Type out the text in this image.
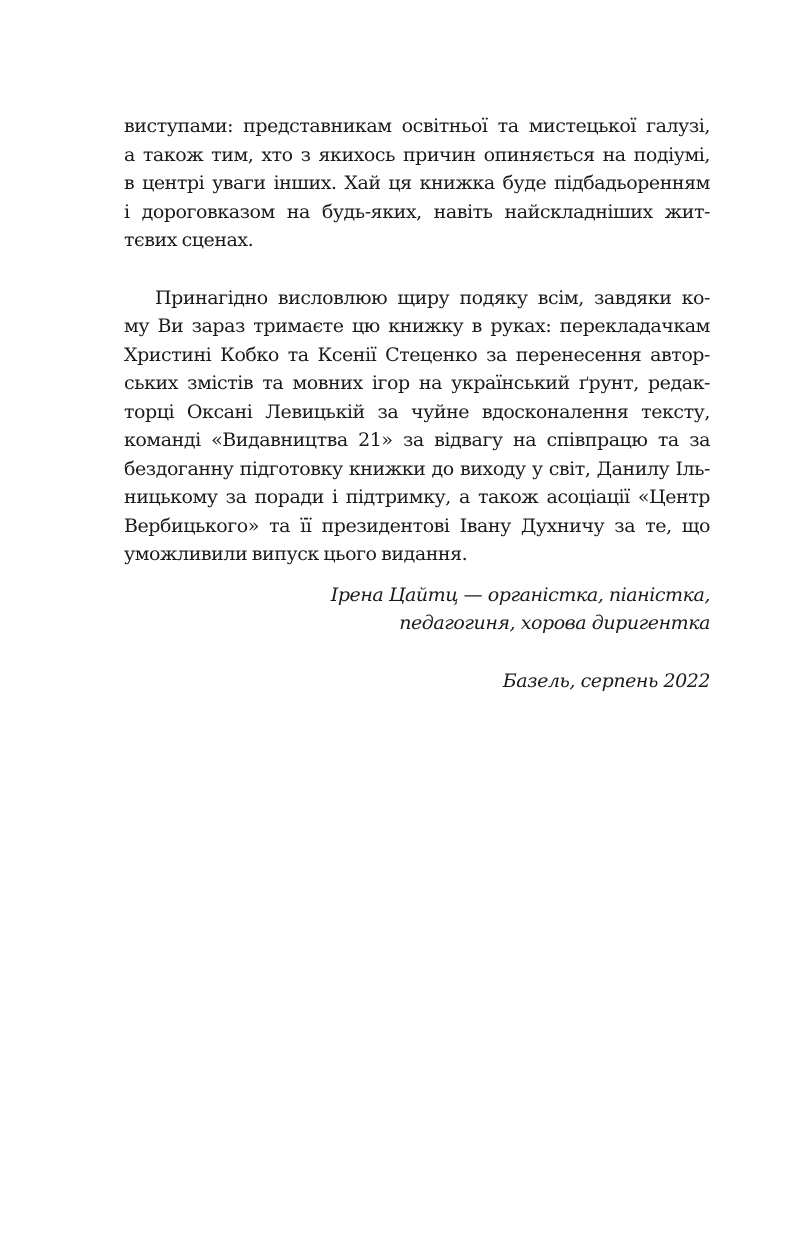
виступами: представникам освітньої та мистецької галузі,
а також тим, хто з якихось причин опиняється на подіумі,
в центрі уваги інших. Хай ця книжка буде підбадьоренням
і дороговказом на будь-яких, навіть найскладніших жит-
тєвих сценах.
Принагідно висловлюю щиру подяку всім, завдяки ко-
му Ви зараз тримаєте цю книжку в руках: перекладачкам
Христині Кобко та Ксенії Стеценко за перенесення автор-
ських змістів та мовних ігор на український ґрунт, редак-
торці Оксані Левицькій за чуйне вдосконалення тексту,
команді «Видавництва 21» за відвагу на співпрацю та за
бездоганну підготовку книжки до виходу у світ, Данилу Іль-
ницькому за поради і підтримку, а також асоціації «Центр
Вербицького» та її президентові Івану Духничу за те, що
уможливили випуск цього видання.
Ірена Цайтц — органістка, піаністка,
педагогиня, хорова диригентка
Базель, серпень 2022
